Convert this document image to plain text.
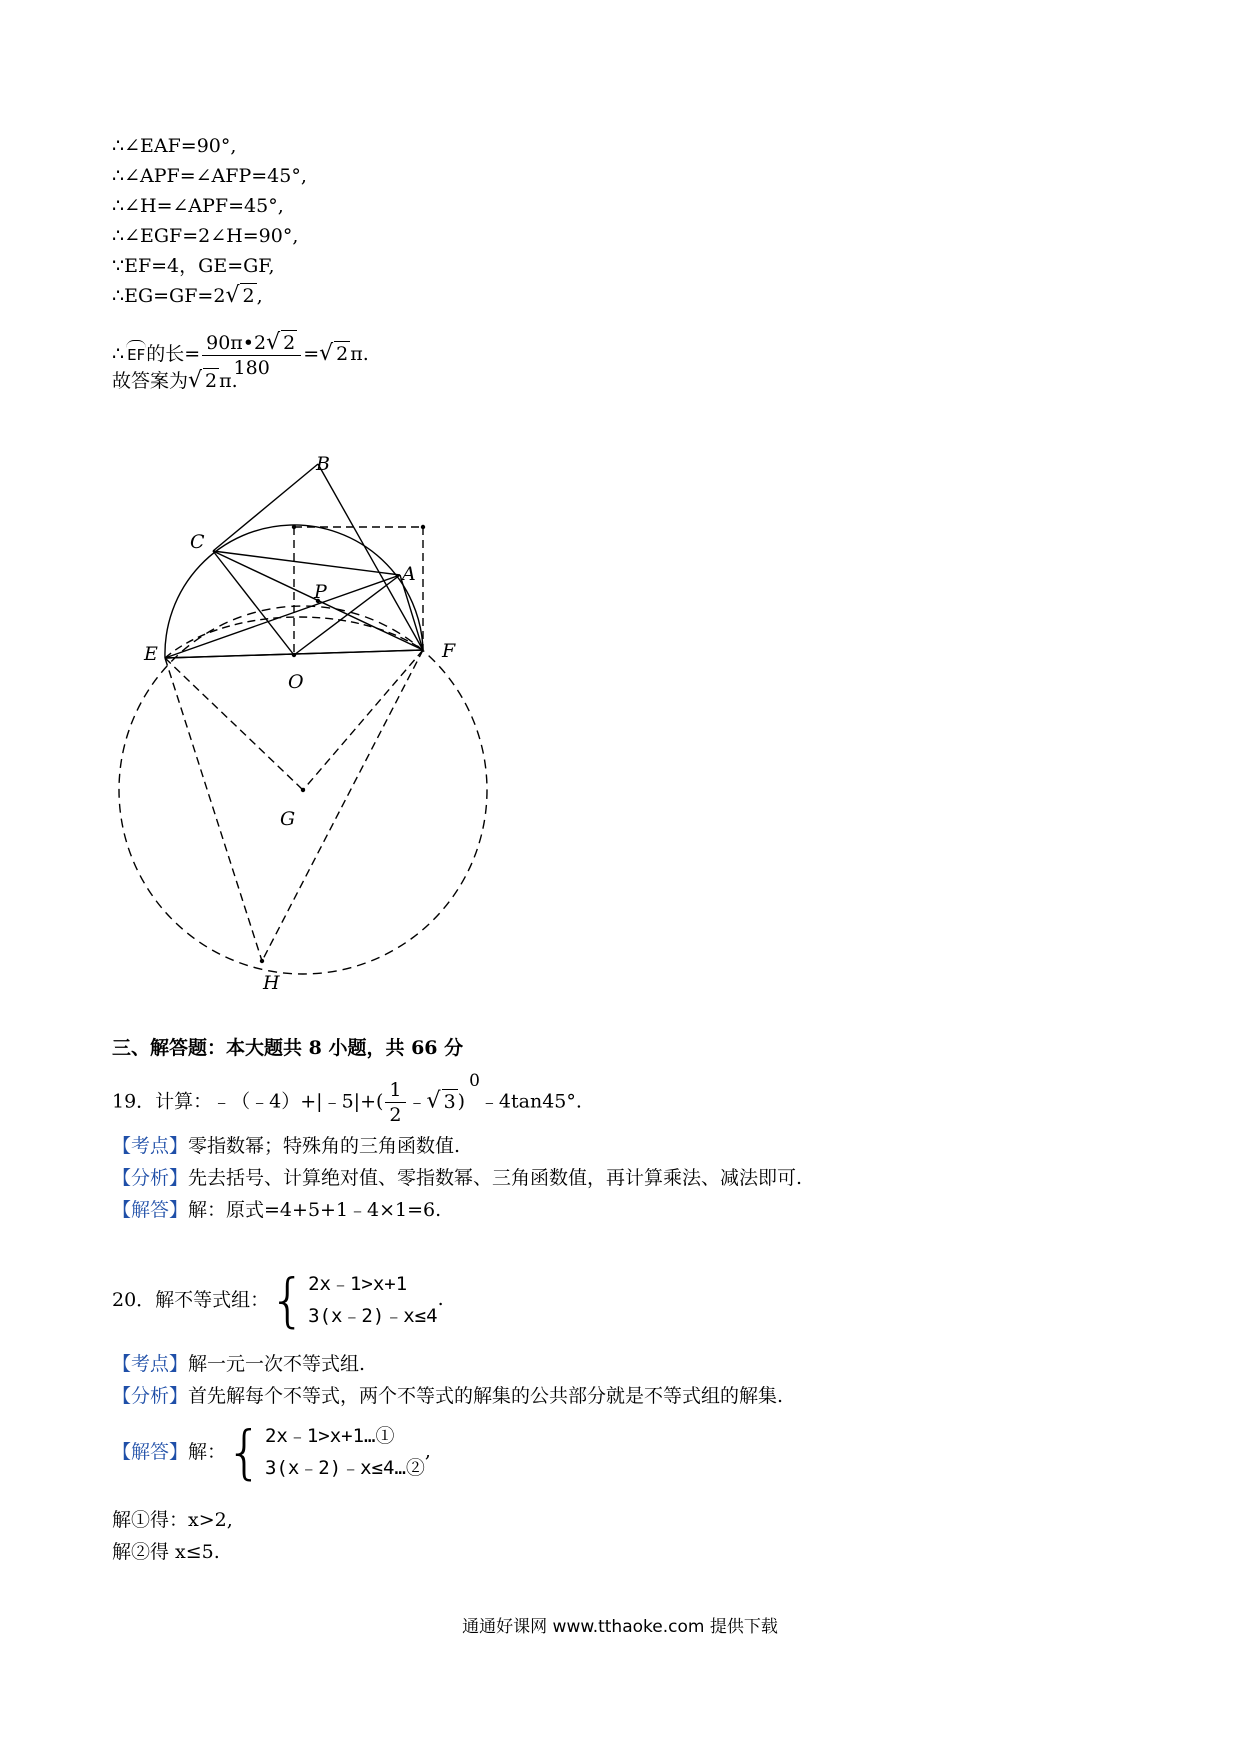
∴∠EAF=90°,
∴∠APF=∠AFP=45°,
∴∠H=∠APF=45°,
∴∠EGF=2∠H=90°,
∵EF=4，GE=GF,
∴EG=GF=2√ 2 ,
∴ EF的长= $\frac{90\pi•2√ 2}{180}$ =√ 2 π.
故答案为√ 2 π.
B
C
P
A
E	F
O
G
H
三、解答题：本大题共 8 小题，共 66 分
19．计算：﹣（﹣4）+|﹣5|+( $\frac{1}{2}$ ﹣√ 3 )0﹣4tan45°.
【考点】零指数幂；特殊角的三角函数值.
【分析】先去括号、计算绝对值、零指数幂、三角函数值，再计算乘法、减法即可.
【解答】解：原式=4+5+1﹣4×1=6.
20．解不等式组：{ 2x﹣1>x+1
3(x﹣2)﹣x≤4
.
【考点】解一元一次不等式组.
【分析】首先解每个不等式，两个不等式的解集的公共部分就是不等式组的解集.
【解答】解：{ 2x﹣1>x+1…①
3(x﹣2)﹣x≤4…②
,
解①得：x>2,
解②得 x≤5.
通通好课网 www.tthaoke.com 提供下载
